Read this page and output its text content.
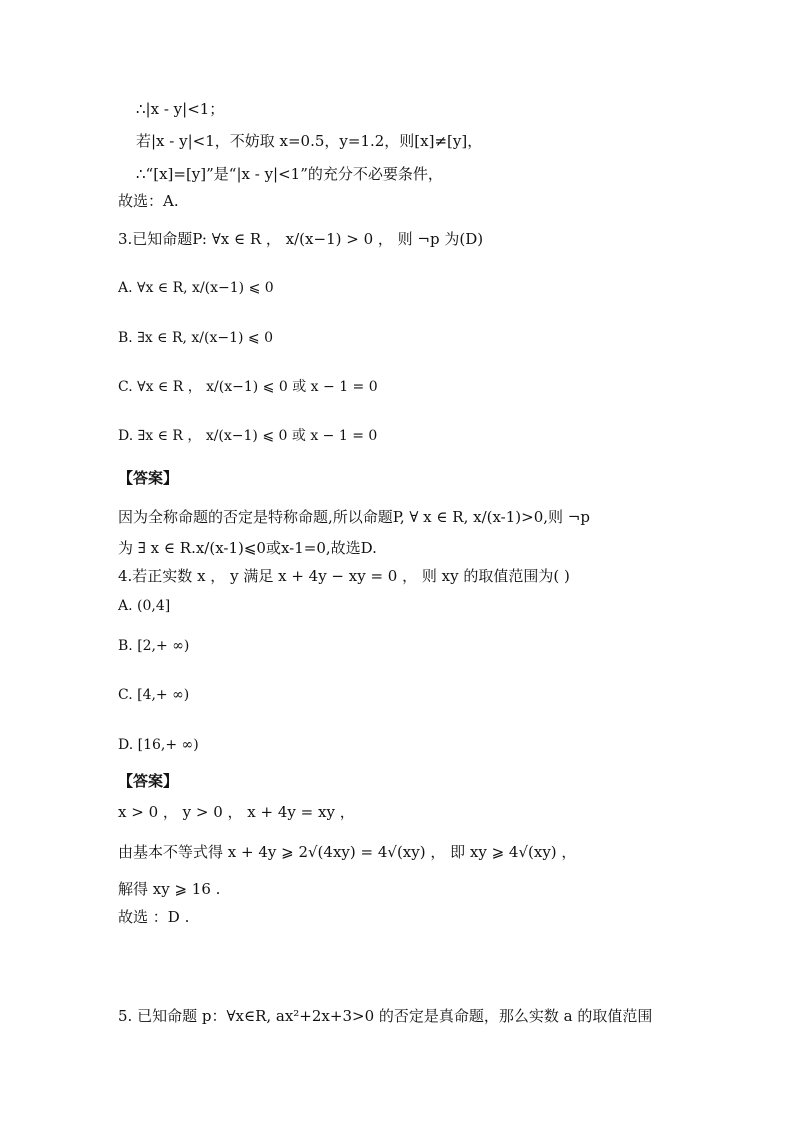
∴|x - y|<1；
若|x - y|<1，不妨取 x=0.5，y=1.2，则[x]≠[y]，
∴“[x]=[y]”是“|x - y|<1”的充分不必要条件，
故选：A.
3.已知命题P: ∀x ∈ R ， x/(x−1) > 0 ， 则 ¬p 为(D)
A. ∀x ∈ R, x/(x−1) ⩽ 0
B. ∃x ∈ R, x/(x−1) ⩽ 0
C. ∀x ∈ R ， x/(x−1) ⩽ 0 或 x − 1 = 0
D. ∃x ∈ R ， x/(x−1) ⩽ 0 或 x − 1 = 0
【答案】
因为全称命题的否定是特称命题,所以命题P, ∀ x ∈ R, x/(x-1)>0,则 ¬p
为 ∃ x ∈ R.x/(x-1)⩽0或x-1=0,故选D.
4.若正实数 x ， y 满足 x + 4y − xy = 0 ， 则 xy 的取值范围为( )
A. (0,4]
B. [2,+ ∞)
C. [4,+ ∞)
D. [16,+ ∞)
【答案】
x > 0 ， y > 0 ， x + 4y = xy ，
由基本不等式得 x + 4y ⩾ 2√(4xy) = 4√(xy) ， 即 xy ⩾ 4√(xy) ，
解得 xy ⩾ 16 .
故选 ：D .
5. 已知命题 p：∀x∈R, ax²+2x+3>0 的否定是真命题，那么实数 a 的取值范围
